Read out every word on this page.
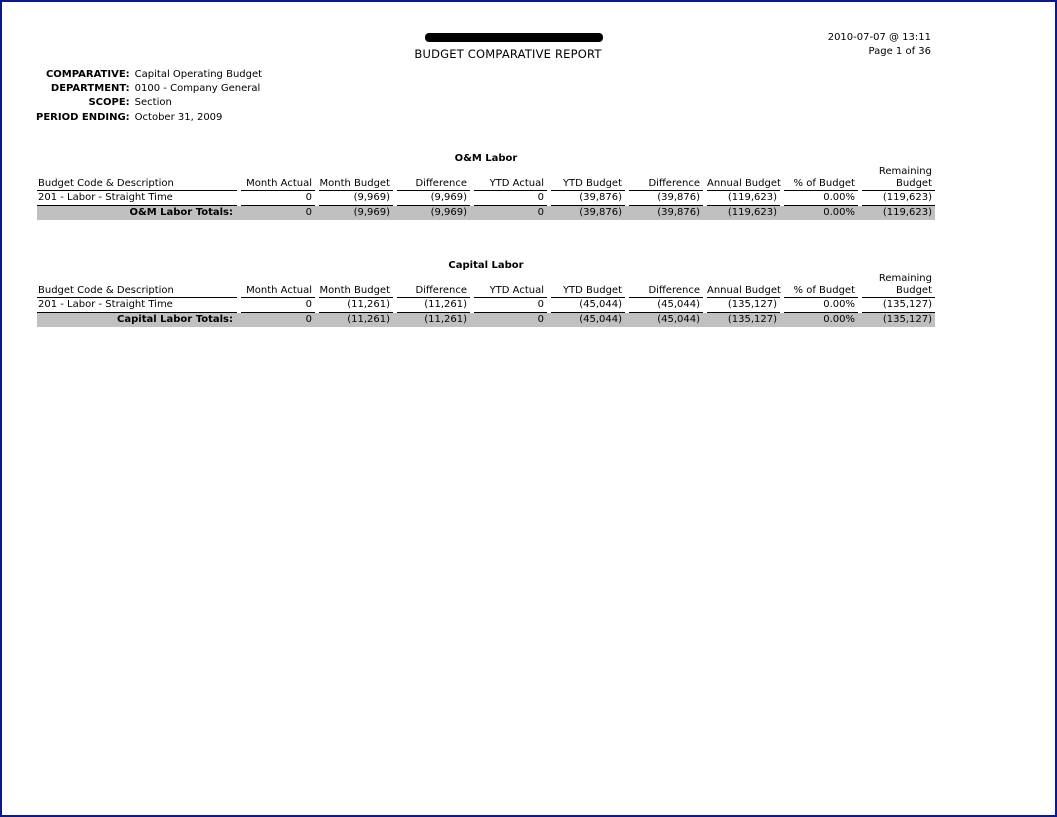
BUDGET COMPARATIVE REPORT
2010-07-07 @ 13:11
Page 1 of 36
COMPARATIVE:	Capital Operating Budget
DEPARTMENT:	0100 - Company General
SCOPE:	Section
PERIOD ENDING:	October 31, 2009
O&M Labor
Budget Code & Description		Month Actual		Month Budget		Difference		YTD Actual		YTD Budget		Difference		Annual Budget		% of Budget		Remaining
Budget
201 - Labor - Straight Time		0		(9,969)		(9,969)		0		(39,876)		(39,876)		(119,623)		0.00%		(119,623)
O&M Labor Totals:		0		(9,969)		(9,969)		0		(39,876)		(39,876)		(119,623)		0.00%		(119,623)
Capital Labor
Budget Code & Description		Month Actual		Month Budget		Difference		YTD Actual		YTD Budget		Difference		Annual Budget		% of Budget		Remaining
Budget
201 - Labor - Straight Time		0		(11,261)		(11,261)		0		(45,044)		(45,044)		(135,127)		0.00%		(135,127)
Capital Labor Totals:		0		(11,261)		(11,261)		0		(45,044)		(45,044)		(135,127)		0.00%		(135,127)
